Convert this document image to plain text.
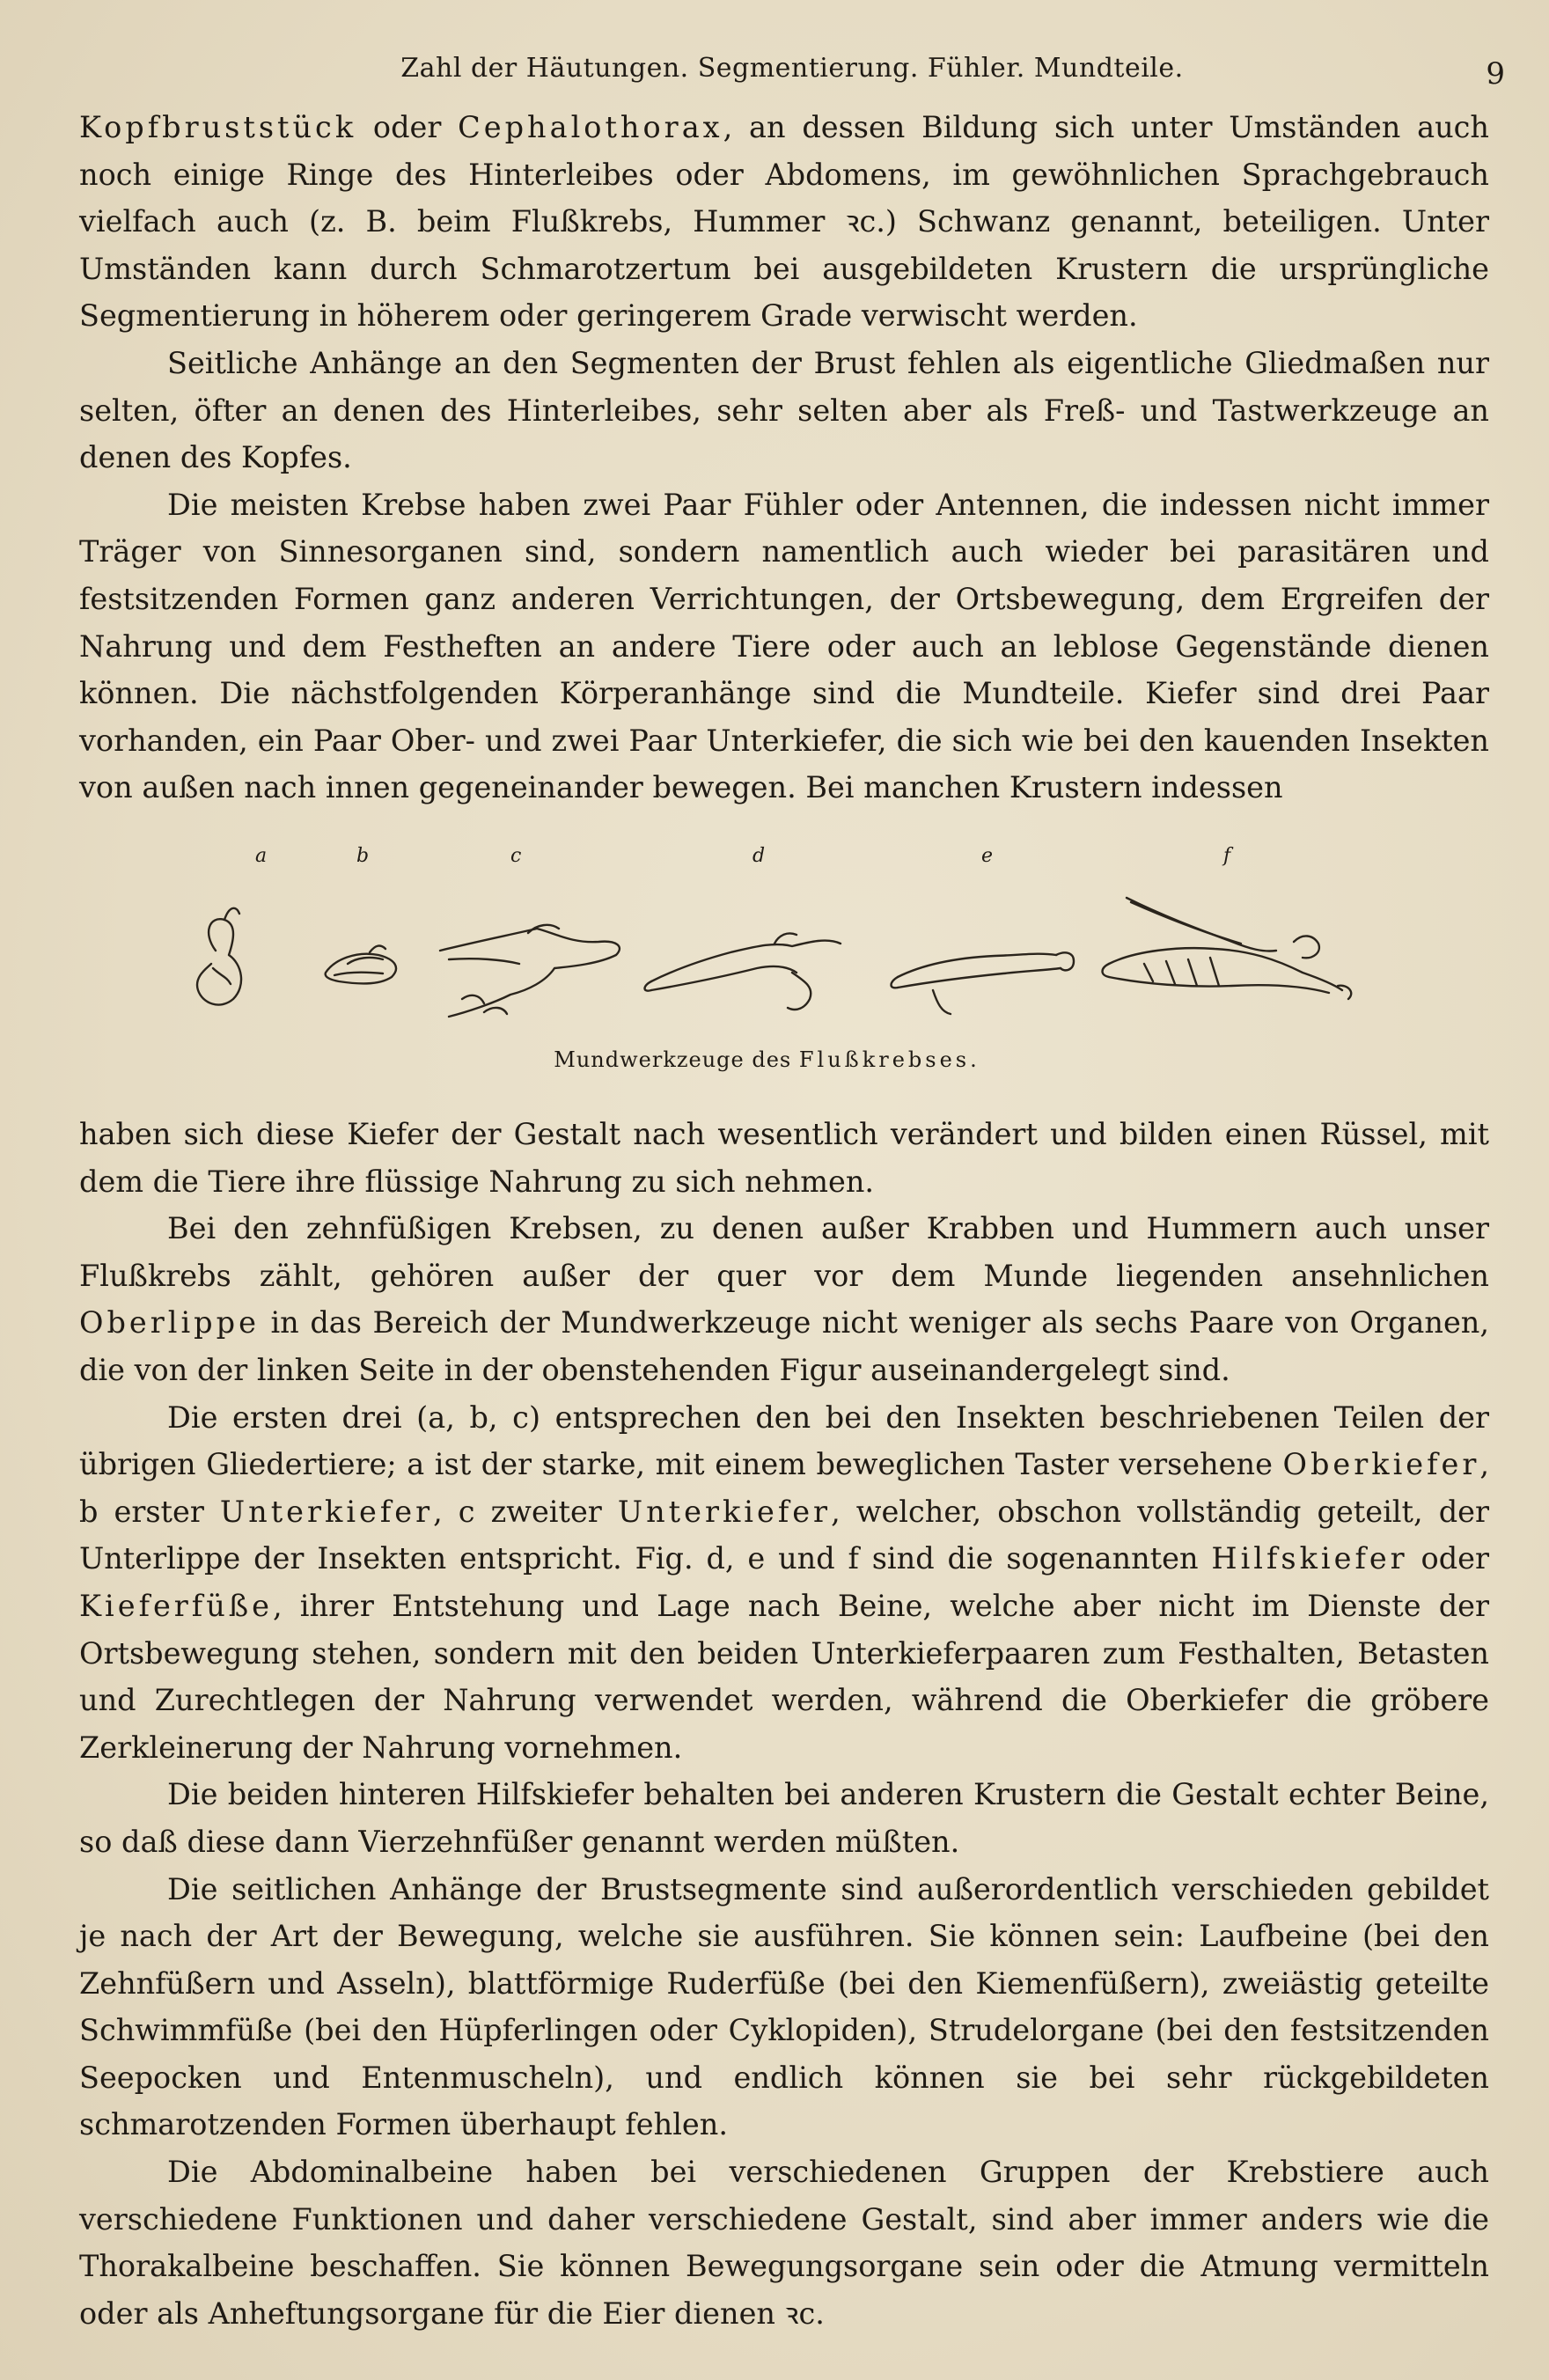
Zahl der Häutungen. Segmentierung. Fühler. Mundteile.	9

Kopfbruststück oder Cephalothorax, an dessen Bildung sich unter Umständen auch noch einige Ringe des Hinterleibes oder Abdomens, im gewöhnlichen Sprachgebrauch vielfach auch (z. B. beim Flußkrebs, Hummer ꝛc.) Schwanz genannt, beteiligen. Unter Umständen kann durch Schmarotzertum bei ausgebildeten Krustern die ursprüngliche Segmentierung in höherem oder geringerem Grade verwischt werden.

Seitliche Anhänge an den Segmenten der Brust fehlen als eigentliche Gliedmaßen nur selten, öfter an denen des Hinterleibes, sehr selten aber als Freß- und Tastwerkzeuge an denen des Kopfes.

Die meisten Krebse haben zwei Paar Fühler oder Antennen, die indessen nicht immer Träger von Sinnesorganen sind, sondern namentlich auch wieder bei parasitären und festsitzenden Formen ganz anderen Verrichtungen, der Ortsbewegung, dem Ergreifen der Nahrung und dem Festheften an andere Tiere oder auch an leblose Gegenstände dienen können. Die nächstfolgenden Körperanhänge sind die Mundteile. Kiefer sind drei Paar vorhanden, ein Paar Ober- und zwei Paar Unterkiefer, die sich wie bei den kauenden Insekten von außen nach innen gegeneinander bewegen. Bei manchen Krustern indessen

a	b	c	d	e	f
Mundwerkzeuge des Flußkrebses.

haben sich diese Kiefer der Gestalt nach wesentlich verändert und bilden einen Rüssel, mit dem die Tiere ihre flüssige Nahrung zu sich nehmen.

Bei den zehnfüßigen Krebsen, zu denen außer Krabben und Hummern auch unser Flußkrebs zählt, gehören außer der quer vor dem Munde liegenden ansehnlichen Oberlippe in das Bereich der Mundwerkzeuge nicht weniger als sechs Paare von Organen, die von der linken Seite in der obenstehenden Figur auseinandergelegt sind.

Die ersten drei (a, b, c) entsprechen den bei den Insekten beschriebenen Teilen der übrigen Gliedertiere; a ist der starke, mit einem beweglichen Taster versehene Oberkiefer, b erster Unterkiefer, c zweiter Unterkiefer, welcher, obschon vollständig geteilt, der Unterlippe der Insekten entspricht. Fig. d, e und f sind die sogenannten Hilfskiefer oder Kieferfüße, ihrer Entstehung und Lage nach Beine, welche aber nicht im Dienste der Ortsbewegung stehen, sondern mit den beiden Unterkieferpaaren zum Festhalten, Betasten und Zurechtlegen der Nahrung verwendet werden, während die Oberkiefer die gröbere Zerkleinerung der Nahrung vornehmen.

Die beiden hinteren Hilfskiefer behalten bei anderen Krustern die Gestalt echter Beine, so daß diese dann Vierzehnfüßer genannt werden müßten.

Die seitlichen Anhänge der Brustsegmente sind außerordentlich verschieden gebildet je nach der Art der Bewegung, welche sie ausführen. Sie können sein: Laufbeine (bei den Zehnfüßern und Asseln), blattförmige Ruderfüße (bei den Kiemenfüßern), zweiästig geteilte Schwimmfüße (bei den Hüpferlingen oder Cyklopiden), Strudelorgane (bei den festsitzenden Seepocken und Entenmuscheln), und endlich können sie bei sehr rückgebildeten schmarotzenden Formen überhaupt fehlen.

Die Abdominalbeine haben bei verschiedenen Gruppen der Krebstiere auch verschiedene Funktionen und daher verschiedene Gestalt, sind aber immer anders wie die Thorakalbeine beschaffen. Sie können Bewegungsorgane sein oder die Atmung vermitteln oder als Anheftungsorgane für die Eier dienen ꝛc.
